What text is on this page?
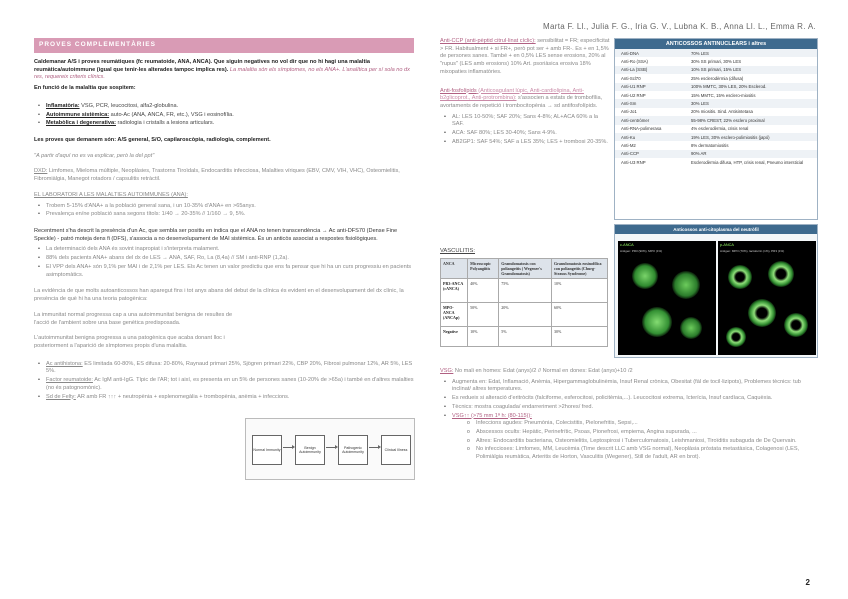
Marta F. Ll., Julia F. G., Iria G. V., Lubna K. B., Anna Ll. L., Emma R. A.
PROVES COMPLEMENTÀRIES

Caldemanar A/S i proves reumàtiques (fc reumatoide, ANA, ANCA). Que siguin negatives no vol dir que no hi hagi una malaltia reumàtica/autoimmune (igual que tenir-les alterades tampoc implica res). La malaltia són els símptomes, no els ANA+. L'analítica per sí sola no dx res, requereix criteris clínics.

En funció de la malaltia que sospitem:

• Inflamatòria: VSG, PCR, leucocitosi, alfa2-globulina.
• Autoimmune sistèmica: auto-Ac (ANA, ANCA, FR, etc.), VSG i eosinofília.
• Metabòlica i degenerativa: radiologia i cristalls a lesions articulars.

Les proves que demanem són: A/S general, S/O, capilaroscòpia, radiologia, complement.

"A partir d'aquí no es va explicar, però la del ppt"

DXD: Limfomes, Mieloma múltiple, Neoplàsies, Trastorns Tiroïdals, Endocarditis infecciosa, Malalties víriques (EBV, CMV, VIH, VHC), Osteomielitis, Fibromiàlgia, Manegot rotadors / capsulitis retràctil.

EL LABORATORI A LES MALALTIES AUTOIMMUNES (ANA):

• Trobem 5-15% d'ANA+ a la població general sana, i un 10-35% d'ANA+ en >65anys.
• Prevalença en/ne població sana segons títols: 1/40 → 20-35% // 1/160 → 9, 5%.

Recentment s'ha descrit la presència d'un Ac, que sembla ser positiu en indica que el ANA no tenen transcendència → Ac anti-DFS70 (Dense Fine Speckle) - patró moteja dens fi (DFS), s'associa a no desenvolupament de MAI sistèmica. És un anticòs associat a respostes fisiològiques.

• La determinació dels ANA és sovint inapropiat i s'interpreta malament.
• 88% dels pacients ANA+ abans del dx de LES → ANA, SAF, Ro, La (8,4a) // SM i anti-RNP (1,2a).
• El VPP dels ANA+ són 9,1% per MAI i de 2,1% per LES. Els Ac tenen un valor predictiu que ens fa pensar que hi ha un curs progressiu en pacients asimptomàtics.

La evidència de que molts autoanticossos han aparegut fins i tot anys abans del debut de la clínica és evident en el desenvolupament del dx clínic, la presència de què hi ha una teoria patogènica:

La immunitat normal progressa cap a una autoimmunitat benigna de resultes de l'acció de l'ambient sobre una base genètica predisposada.

L'autoimmunitat benigna progressa a una patogènica que acaba donant lloc i posteriorment a l'aparició de símptomes propis d'una malaltia.

• Ac antihistona: ES limitada 60-80%, ES difusa: 20-80%, Raynaud primari 25%, Sjögren primari 22%, CBP 20%, Fibrosi pulmonar 12%, AR 5%, LES 5%.
• Factor reumatoide: Ac IgM anti-IgG. Típic de l'AR; tot i així, es presenta en un 5% de persones sanes (10-20% de >65a) i també en d'altres malalties (no és patognomònic).
• Sd de Felty: AR amb FR ↑↑↑ + neutropènia + esplenomegàlia + trombopènia, anèmia + infeccions.
Normal Immunity
Benign Autoimmunity
Pathogenic Autoimmunity
Clinical Illness

Anti-CCP (anti-pèptid citrul·linat cíclic): sensibilitat = FR; especificitat > FR. Habitualment + si FR+, però pot ser + amb FR-. Es + en 1,5% de persones sanes. També + en 0,5% LES sense erosions, 20% al "rupus" (LES amb erosions) 10% Art. psoriàsica erosiva 18% mixopaties inflamatòries.

Anti-fosfolípids (Anticoagulant lúpic, Anti-cardiolipina, Anti-b2glicoprot., Anti-protrombina): s'associen a estats de trombofília, avortaments de repetició i trombocitopènia → sd antifosfolípids.

• AL: LES 10-50%; SAF 20%; Sans 4-8%; AL+ACA 60% a la SAF.
• ACA: SAF 80%; LES 30-40%; Sans 4-9%.
• AB2GP1: SAF 54%; SAF a LES 35%; LES + trombosi 20-35%.
VASCULITIS:
ANCA	Microscopic Polyangiitis	Granulomatosis con poliangeítis ( Wegener's Granulomatosis)	Granulomatosis eosinofílica con poliangeítis (Churg-Strauss Syndrome)
PR3-ANCA (cANCA)	40%	75%	10%
MPO-ANCA (ANCAp)	50%	20%	60%
Negative	10%	5%	30%
ANTICOSSOS ANTINUCLEARS i altres
Anti-DNA	70% LES
Anti-Ro (SSA)	30% SS primari, 30% LES
Anti-La (SSB)	10% SS primari, 15% LES
Anti-Scl70	25% esclerodèrmia (difusa)
Anti-U1 RNP	100% MMTC, 30% LES, 20% Esclerod.
Anti-U2 RNP	15% MMTC, 15% esclero-miositis
Anti-Sm	30% LES
Anti-Jo1	20% miositis. Sind. Antisintetasa
Anti-centròmer	55-98% CREST, 22% esclero proximal
Anti-RNA-polimerasa	4% esclerodèrmia, crisis renal
Anti-Ku	19% LES, 30% esclero-polimiositis (japó)
Anti-M2	8% dermatomiositis
Anti-CCP	90% AR
Anti-U3 RNP	Esclerodèrmia difusa, HTP, crisis renal, Pneumo intersticial
Anticossos anti-citoplasma del neutròfil
c-ANCA
Antigen: PR3 (90%), MPO (1%)
p-ANCA
Antigen: MPO (70%), lactoferrin (1%), PR3 (1%)

VSG: No mali en homes: Edat (anys)/2 // Normal en dones: Edat (anys)+10 /2

• Augmenta en: Edat, Inflamació, Anèmia, Hipergammaglobulinèmia, Insuf Renal crònica, Obesitat (fàl de tocil·lizipots), Problemes tècnics: tub inclinat/ altres temperatures.
• Es redueix si alteració d'eritròcits (falciforme, esferocitosi, policitèmia,...). Leucocitosi extrema, Icterícia, Insuf cardíaca, Caquèxia.
• Tècnics: mostra coagulada/ endarreriment >2hores/ fred.
• VSG↑↑ (>75 mm 1ª h: (80-115)):
o Infeccions agudes: Pneumònia, Colecistitis, Pielonefritis, Sepsi,...
o Abscessos ocults: Hepàtic, Perinefrític, Psoas, Pionefrosi, empiema, Angina supurada, ...
o Altres: Endocarditis bacteriana, Osteomielitis, Leptospirosi i Tuberculomatosis, Leishmaniosi, Tiroïditis subaguda de De Quervain.
o No infeccioses: Limfomes, MM, Leucèmia (Time descrit LLC amb VSG normal), Neoplàsia pròstata metastàsica, Colagenosi (LES, Polimiàlgia reumàtica, Arteritis de Horton, Vasculitis (Wegener), Still de l'adult, AR en brot).
2
